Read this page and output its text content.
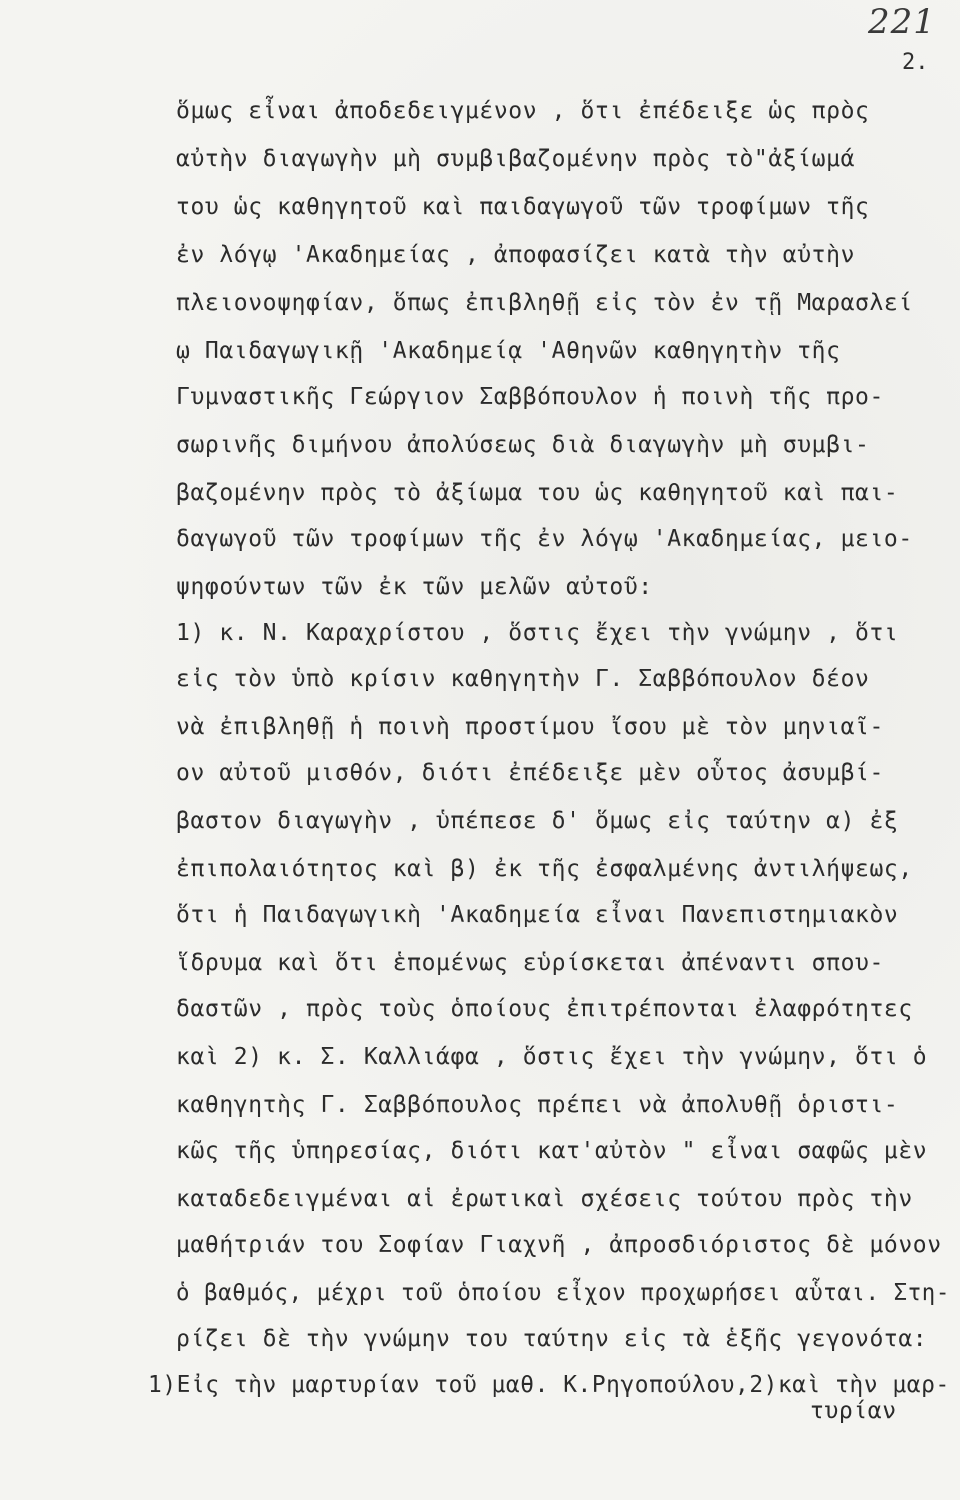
221
2.
ὅμως εἶναι ἀποδεδειγμένον , ὅτι ἐπέδειξε ὡς πρὸς
αὐτὴν διαγωγὴν μὴ συμβιβαζομένην πρὸς τὸ"ἀξίωμά
του ὡς καθηγητοῦ καὶ παιδαγωγοῦ τῶν τροφίμων τῆς
ἐν λόγῳ 'Ακαδημείας , ἀποφασίζει κατὰ τὴν αὐτὴν
πλειονοψηφίαν, ὅπως ἐπιβληθῇ εἰς τὸν ἐν τῇ Μαρασλεί
ῳ Παιδαγωγικῇ 'Ακαδημείᾳ 'Αθηνῶν καθηγητὴν τῆς
Γυμναστικῆς Γεώργιον Σαββόπουλον ἡ ποινὴ τῆς προ-
σωρινῆς διμήνου ἀπολύσεως διὰ διαγωγὴν μὴ συμβι-
βαζομένην πρὸς τὸ ἀξίωμα του ὡς καθηγητοῦ καὶ παι-
δαγωγοῦ τῶν τροφίμων τῆς ἐν λόγῳ 'Ακαδημείας, μειο-
ψηφούντων τῶν ἐκ τῶν μελῶν αὐτοῦ:
1) κ. Ν. Καραχρίστου , ὅστις ἔχει τὴν γνώμην , ὅτι
εἰς τὸν ὑπὸ κρίσιν καθηγητὴν Γ. Σαββόπουλον δέον
νὰ ἐπιβληθῇ ἡ ποινὴ προστίμου ἴσου μὲ τὸν μηνιαῖ-
ον αὐτοῦ μισθόν, διότι ἐπέδειξε μὲν οὗτος ἀσυμβί-
βαστον διαγωγὴν , ὑπέπεσε δ' ὅμως εἰς ταύτην α) ἐξ
ἐπιπολαιότητος καὶ β) ἐκ τῆς ἐσφαλμένης ἀντιλήψεως,
ὅτι ἡ Παιδαγωγικὴ 'Ακαδημεία εἶναι Πανεπιστημιακὸν
ἵδρυμα καὶ ὅτι ἑπομένως εὑρίσκεται ἀπέναντι σπου-
δαστῶν , πρὸς τοὺς ὁποίους ἐπιτρέπονται ἐλαφρότητες
καὶ 2) κ. Σ. Καλλιάφα , ὅστις ἔχει τὴν γνώμην, ὅτι ὁ
καθηγητὴς Γ. Σαββόπουλος πρέπει νὰ ἀπολυθῇ ὁριστι-
κῶς τῆς ὑπηρεσίας, διότι κατ'αὐτὸν " εἶναι σαφῶς μὲν
καταδεδειγμέναι αἱ ἐρωτικαὶ σχέσεις τούτου πρὸς τὴν
μαθήτριάν του Σοφίαν Γιαχνῆ , ἀπροσδιόριστος δὲ μόνον
ὁ βαθμός, μέχρι τοῦ ὁποίου εἶχον προχωρήσει αὗται. Στη-
ρίζει δὲ τὴν γνώμην του ταύτην εἰς τὰ ἑξῆς γεγονότα:
1)Εἰς τὴν μαρτυρίαν τοῦ μαθ. Κ.Ρηγοπούλου,2)καὶ τὴν μαρ-
τυρίαν
